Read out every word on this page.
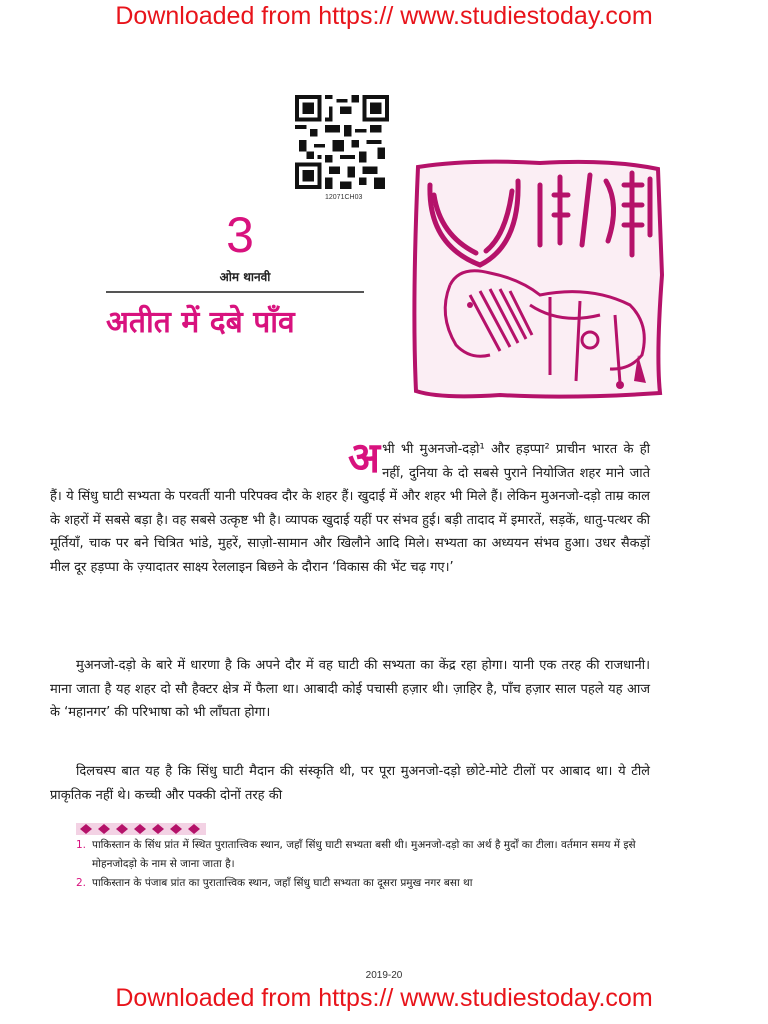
Downloaded from https:// www.studiestoday.com
12071CH03
3
ओम थानवी
अतीत में दबे पाँव
अभी भी मुअनजो-दड़ो¹ और हड़प्पा² प्राचीन भारत के ही नहीं, दुनिया के दो सबसे पुराने नियोजित शहर माने जाते हैं। ये सिंधु घाटी सभ्यता के परवर्ती यानी परिपक्व दौर के शहर हैं। खुदाई में और शहर भी मिले हैं। लेकिन मुअनजो-दड़ो ताम्र काल के शहरों में सबसे बड़ा है। वह सबसे उत्कृष्ट भी है। व्यापक खुदाई यहीं पर संभव हुई। बड़ी तादाद में इमारतें, सड़कें, धातु-पत्थर की मूर्तियाँ, चाक पर बने चित्रित भांडे, मुहरें, साज़ो-सामान और खिलौने आदि मिले। सभ्यता का अध्ययन संभव हुआ। उधर सैकड़ों मील दूर हड़प्पा के ज़्यादातर साक्ष्य रेललाइन बिछने के दौरान ‘विकास की भेंट चढ़ गए।’
मुअनजो-दड़ो के बारे में धारणा है कि अपने दौर में वह घाटी की सभ्यता का केंद्र रहा होगा। यानी एक तरह की राजधानी। माना जाता है यह शहर दो सौ हैक्टर क्षेत्र में फैला था। आबादी कोई पचासी हज़ार थी। ज़ाहिर है, पाँच हज़ार साल पहले यह आज के ‘महानगर’ की परिभाषा को भी लाँघता होगा।
दिलचस्प बात यह है कि सिंधु घाटी मैदान की संस्कृति थी, पर पूरा मुअनजो-दड़ो छोटे-मोटे टीलों पर आबाद था। ये टीले प्राकृतिक नहीं थे। कच्ची और पक्की दोनों तरह की
1. पाकिस्तान के सिंध प्रांत में स्थित पुरातात्त्विक स्थान, जहाँ सिंधु घाटी सभ्यता बसी थी। मुअनजो-दड़ो का अर्थ है मुर्दों का टीला। वर्तमान समय में इसे मोहनजोदड़ो के नाम से जाना जाता है।
2. पाकिस्तान के पंजाब प्रांत का पुरातात्त्विक स्थान, जहाँ सिंधु घाटी सभ्यता का दूसरा प्रमुख नगर बसा था
2019-20
Downloaded from https:// www.studiestoday.com
